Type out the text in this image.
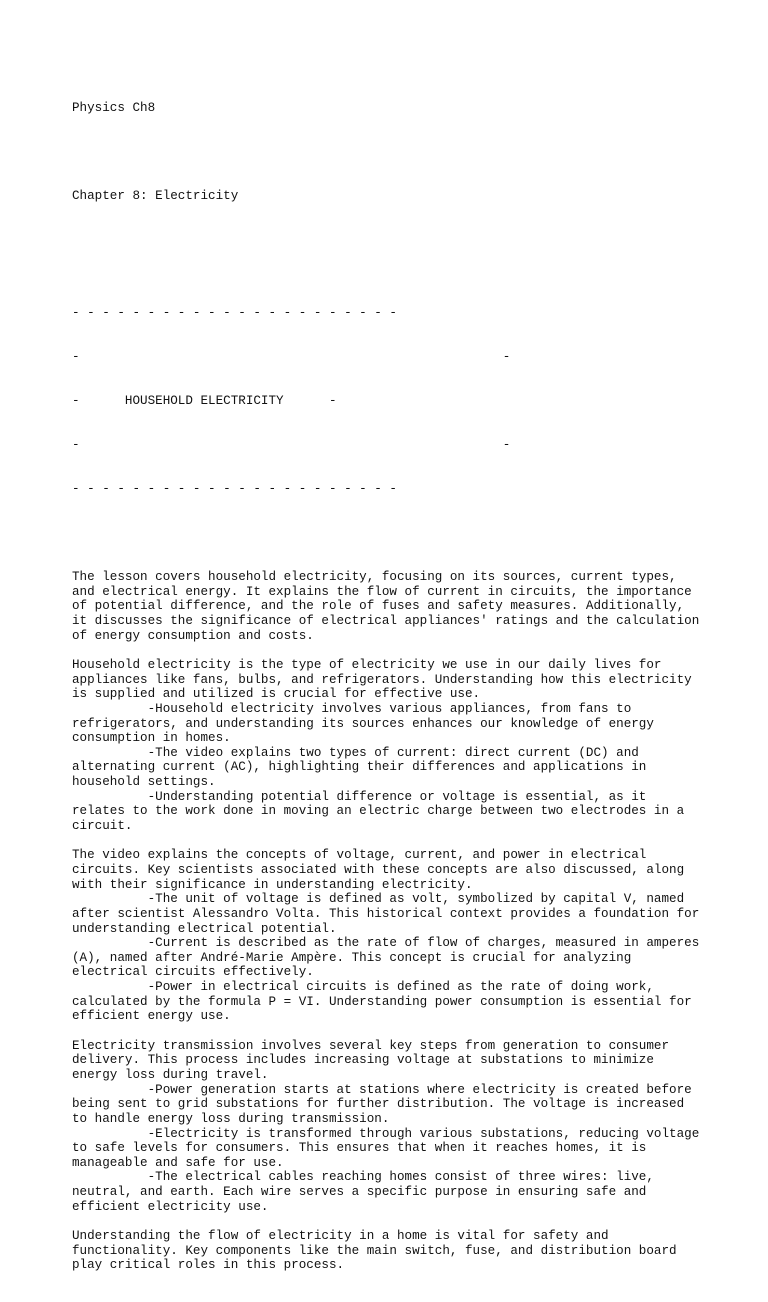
Physics Ch8

Chapter 8: Electricity

- - - - - - - - - - - - - - - - - - - - - -

-                                                        -

-      HOUSEHOLD ELECTRICITY      -

-                                                        -

- - - - - - - - - - - - - - - - - - - - - -

The lesson covers household electricity, focusing on its sources, current types,
and electrical energy. It explains the flow of current in circuits, the importance
of potential difference, and the role of fuses and safety measures. Additionally,
it discusses the significance of electrical appliances' ratings and the calculation
of energy consumption and costs.
Household electricity is the type of electricity we use in our daily lives for
appliances like fans, bulbs, and refrigerators. Understanding how this electricity
is supplied and utilized is crucial for effective use.
-Household electricity involves various appliances, from fans to
refrigerators, and understanding its sources enhances our knowledge of energy
consumption in homes.
-The video explains two types of current: direct current (DC) and
alternating current (AC), highlighting their differences and applications in
household settings.
-Understanding potential difference or voltage is essential, as it
relates to the work done in moving an electric charge between two electrodes in a
circuit.
The video explains the concepts of voltage, current, and power in electrical
circuits. Key scientists associated with these concepts are also discussed, along
with their significance in understanding electricity.
-The unit of voltage is defined as volt, symbolized by capital V, named
after scientist Alessandro Volta. This historical context provides a foundation for
understanding electrical potential.
-Current is described as the rate of flow of charges, measured in amperes
(A), named after André-Marie Ampère. This concept is crucial for analyzing
electrical circuits effectively.
-Power in electrical circuits is defined as the rate of doing work,
calculated by the formula P = VI. Understanding power consumption is essential for
efficient energy use.
Electricity transmission involves several key steps from generation to consumer
delivery. This process includes increasing voltage at substations to minimize
energy loss during travel.
-Power generation starts at stations where electricity is created before
being sent to grid substations for further distribution. The voltage is increased
to handle energy loss during transmission.
-Electricity is transformed through various substations, reducing voltage
to safe levels for consumers. This ensures that when it reaches homes, it is
manageable and safe for use.
-The electrical cables reaching homes consist of three wires: live,
neutral, and earth. Each wire serves a specific purpose in ensuring safe and
efficient electricity use.
Understanding the flow of electricity in a home is vital for safety and
functionality. Key components like the main switch, fuse, and distribution board
play critical roles in this process.
